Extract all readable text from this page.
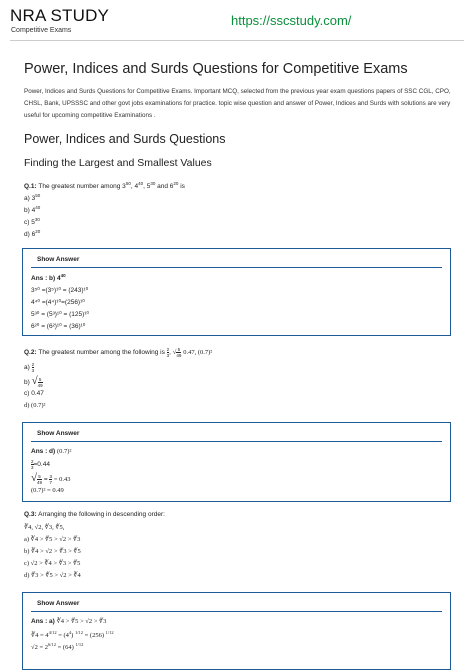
NRA STUDY
Competitive Exams
https://sscstudy.com/
Power, Indices and Surds Questions for Competitive Exams
Power, Indices and Surds Questions for Competitive Exams. Important MCQ, selected from the previous year exam questions papers of SSC CGL, CPO, CHSL, Bank, UPSSSC and other govt jobs examinations for practice. topic wise question and answer of Power, Indices and Surds with solutions are very useful for upcoming competitive Examinations .
Power, Indices and Surds Questions
Finding the Largest and Smallest Values
Q.1: The greatest number among $3^{50}$, $4^{40}$, $5^{30}$ and $6^{20}$ is
a) $3^{50}$
b) $4^{40}$
c) $5^{30}$
d) $6^{20}$
Show Answer
Ans : b) $4^{40}$
3⁵⁰ =(3⁵)¹⁰ = (243)¹⁰
4⁴⁰ =(4⁴)¹⁰=(256)¹⁰
5³⁰ = (5³)¹⁰ = (125)¹⁰
6²⁰ = (6²)¹⁰ = (36)¹⁰
Q.2: The greatest number among the following is $\frac{2}{3}$ , √ $\frac{5}{49} 0.47$, (0.7)²
$a) \frac{2}{3}$
b) √ $\frac{5}{49}$
c) 0.47
d) (0.7)²
Show Answer
Ans : d) (0.7)²
$\frac{2}{3} =0.44$
√ $\frac{5}{49} = \frac{3}{7} = 0.43$
(0.7)² = 0.49
Q.3: Arranging the following in descending order:
∛4, √2, ∜3, ∜5,
a) ∛4 > ∜5 > √2 > ∜3
b) ∛4 > √2 > ∜3 > ∜5
c) √2 > ∛4 > ∜3 > ∜5
d) ∜3 > ∜5 > √2 > ∛4
Show Answer
Ans : a) ∛4 > ∜5 > √2 > ∜3
∛4 = $4^{4/12} = (4^4) ^{1/12} = (256)$ $^{1/12}$
$√2 = 2^{6/12} = (64)$ $^{1/12}$
